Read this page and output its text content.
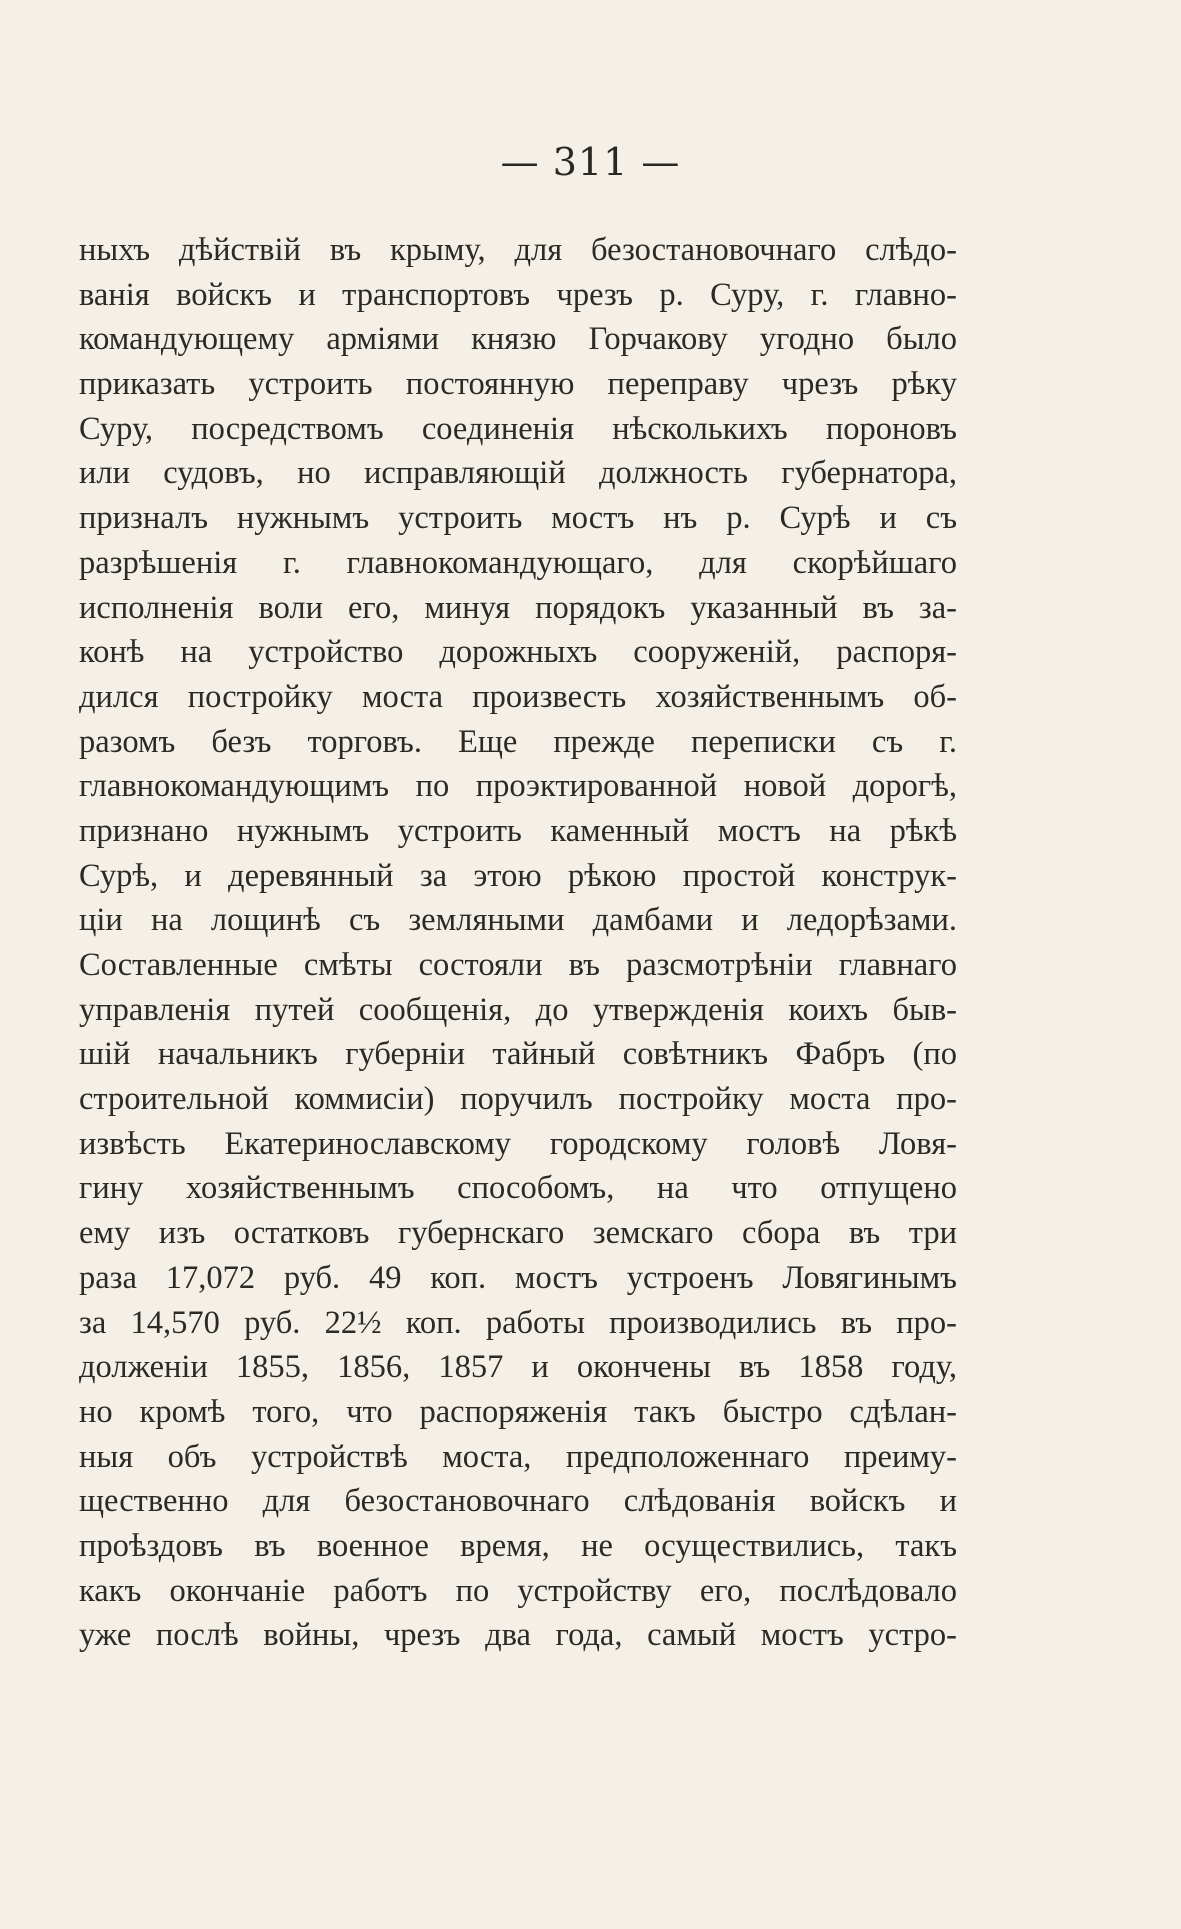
— 311 —
ныхъ дѣйствій въ крыму, для безостановочнаго слѣдо-
ванія войскъ и транспортовъ чрезъ р. Суру, г. главно-
командующему арміями князю Горчакову угодно было
приказать устроить постоянную переправу чрезъ рѣку
Суру, посредствомъ соединенія нѣсколькихъ пороновъ
или судовъ, но исправляющій должность губернатора,
призналъ нужнымъ устроить мостъ нъ р. Сурѣ и съ
разрѣшенія г. главнокомандующаго, для скорѣйшаго
исполненія воли его, минуя порядокъ указанный въ за-
конѣ на устройство дорожныхъ сооруженій, распоря-
дился постройку моста произвесть хозяйственнымъ об-
разомъ безъ торговъ. Еще прежде переписки съ г.
главнокомандующимъ по проэктированной новой дорогѣ,
признано нужнымъ устроить каменный мостъ на рѣкѣ
Сурѣ, и деревянный за этою рѣкою простой конструк-
ціи на лощинѣ съ земляными дамбами и ледорѣзами.
Составленные смѣты состояли въ разсмотрѣніи главнаго
управленія путей сообщенія, до утвержденія коихъ быв-
шій начальникъ губерніи тайный совѣтникъ Фабръ (по
строительной коммисіи) поручилъ постройку моста про-
извѣсть Екатеринославскому городскому головѣ Ловя-
гину хозяйственнымъ способомъ, на что отпущено
ему изъ остатковъ губернскаго земскаго сбора въ три
раза 17,072 руб. 49 коп. мостъ устроенъ Ловягинымъ
за 14,570 руб. 22½ коп. работы производились въ про-
долженіи 1855, 1856, 1857 и окончены въ 1858 году,
но кромѣ того, что распоряженія такъ быстро сдѣлан-
ныя объ устройствѣ моста, предположеннаго преиму-
щественно для безостановочнаго слѣдованія войскъ и
проѣздовъ въ военное время, не осуществились, такъ
какъ окончаніе работъ по устройству его, послѣдовало
уже послѣ войны, чрезъ два года, самый мостъ устро-
